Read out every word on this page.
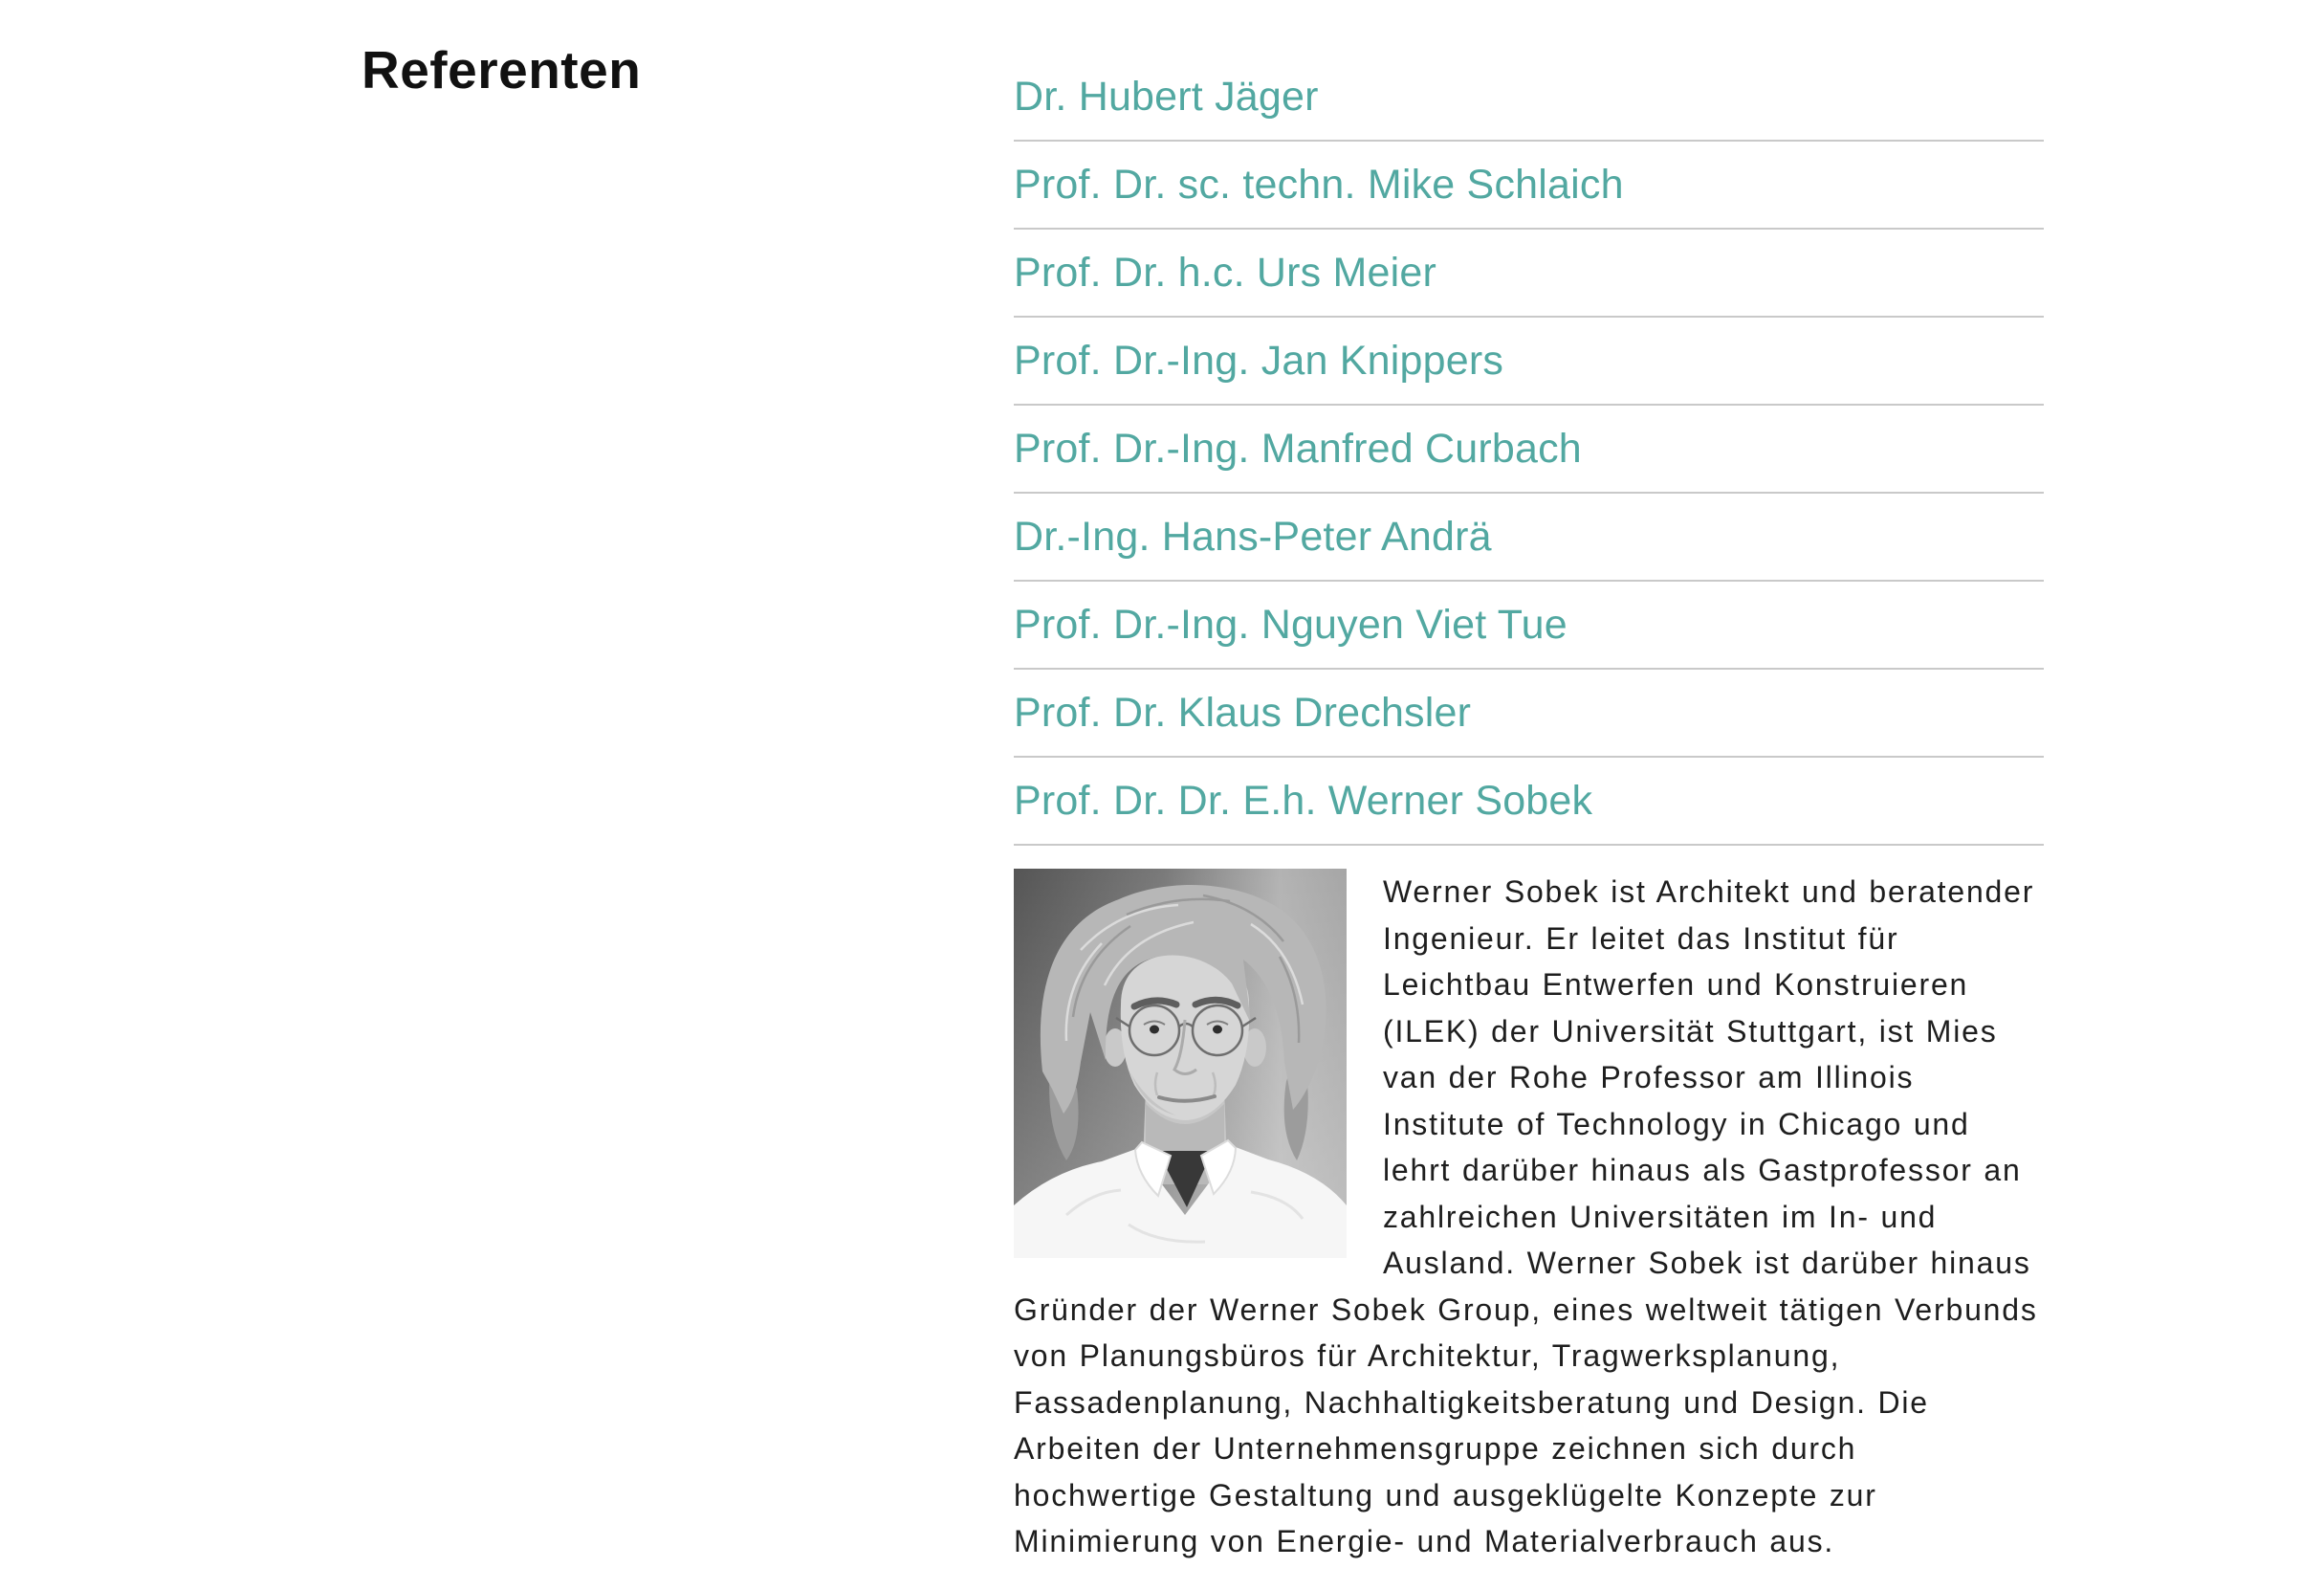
Referenten	Dr. Hubert Jäger
Prof. Dr. sc. techn. Mike Schlaich
Prof. Dr. h.c. Urs Meier
Prof. Dr.-Ing. Jan Knippers
Prof. Dr.-Ing. Manfred Curbach
Dr.-Ing. Hans-Peter Andrä
Prof. Dr.-Ing. Nguyen Viet Tue
Prof. Dr. Klaus Drechsler
Prof. Dr. Dr. E.h. Werner Sobek

Werner Sobek ist Architekt und beratender Ingenieur. Er leitet das Institut für Leichtbau Entwerfen und Konstruieren (ILEK) der Universität Stuttgart, ist Mies van der Rohe Professor am Illinois Institute of Technology in Chicago und lehrt darüber hinaus als Gastprofessor an zahlreichen Universitäten im In- und Ausland. Werner Sobek ist darüber hinaus Gründer der Werner Sobek Group, eines weltweit tätigen Verbunds von Planungsbüros für Architektur, Tragwerksplanung, Fassadenplanung, Nachhaltigkeitsberatung und Design. Die Arbeiten der Unternehmensgruppe zeichnen sich durch hochwertige Gestaltung und ausgeklügelte Konzepte zur Minimierung von Energie- und Materialverbrauch aus.
